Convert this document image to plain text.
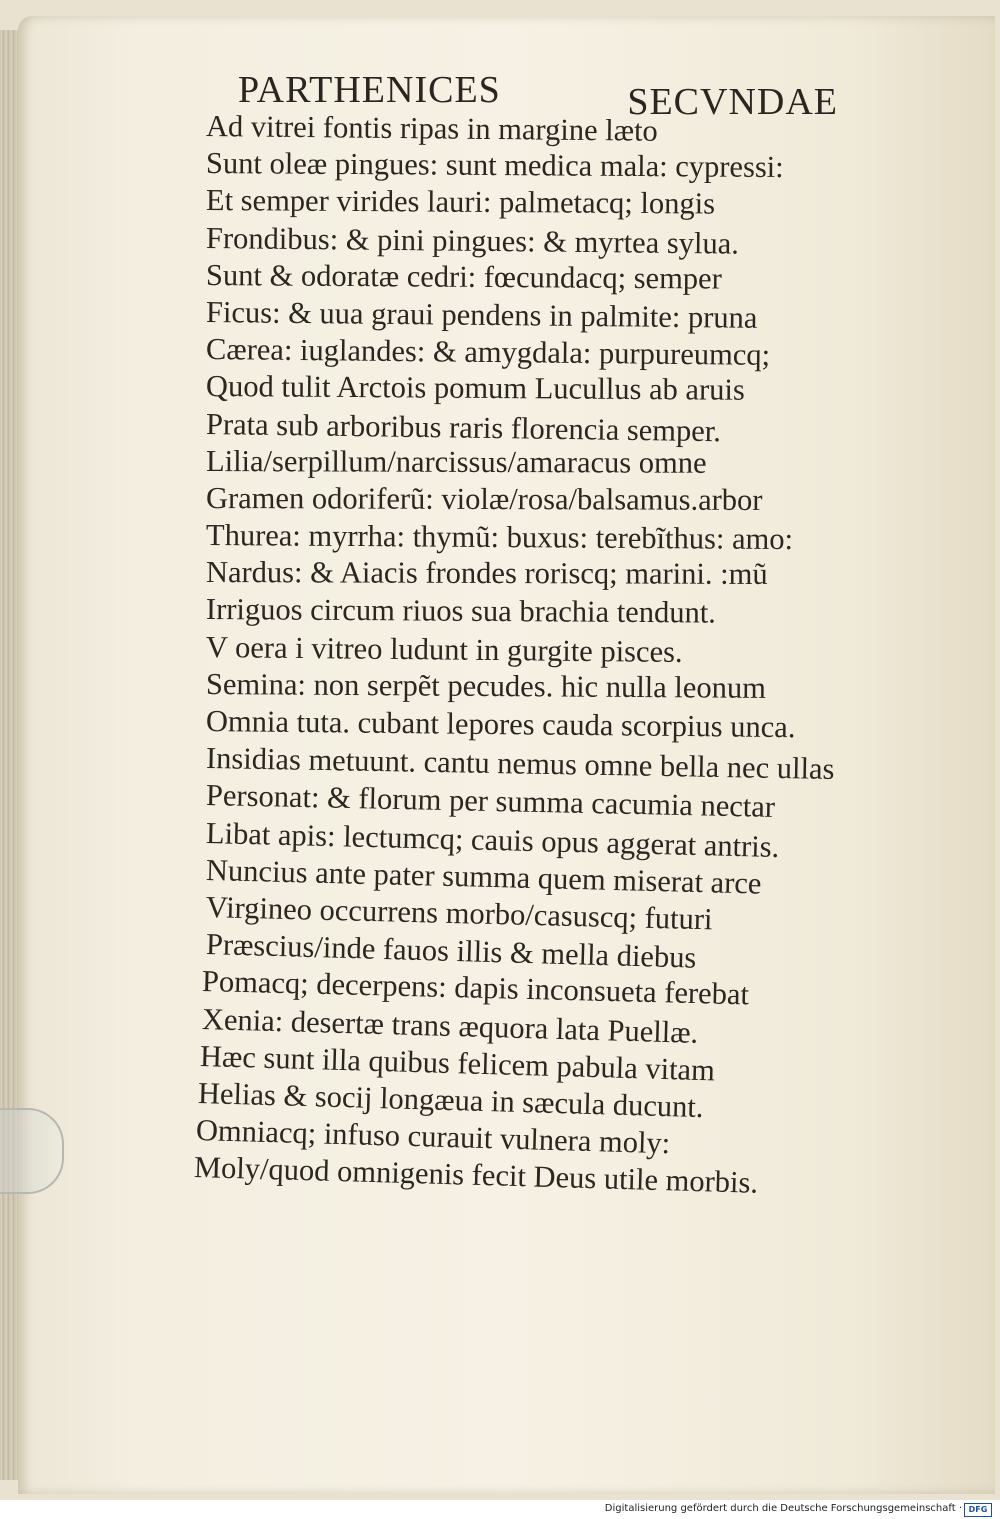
PARTHENICES	SECVNDAE
Ad vitrei fontis ripas in margine læto
Sunt oleæ pingues: sunt medica mala: cypressi:
Et semper virides lauri: palmetacq; longis
Frondibus: & pini pingues: & myrtea sylua.
Sunt & odoratæ cedri: fœcundacq; semper
Ficus: & uua graui pendens in palmite: pruna
Cærea: iuglandes: & amygdala: purpureumcq;
Quod tulit Arctois pomum Lucullus ab aruis
Prata sub arboribus raris florencia semper.
Lilia/serpillum/narcissus/amaracus omne
Gramen odoriferũ: violæ/rosa/balsamus.arbor
Thurea: myrrha: thymũ: buxus: terebĩthus: amo:
Nardus: & Aiacis frondes roriscq; marini. :mũ
Irriguos circum riuos sua brachia tendunt.
V oera i vitreo ludunt in gurgite pisces.
Semina: non serpẽt pecudes. hic nulla leonum
Omnia tuta. cubant lepores cauda scorpius unca.
Insidias metuunt. cantu nemus omne bella nec ullas
Personat: & florum per summa cacumia nectar
Libat apis: lectumcq; cauis opus aggerat antris.
Nuncius ante pater summa quem miserat arce
Virgineo occurrens morbo/casuscq; futuri
Præscius/inde fauos illis & mella diebus
Pomacq; decerpens: dapis inconsueta ferebat
Xenia: desertæ trans æquora lata Puellæ.
Hæc sunt illa quibus felicem pabula vitam
Helias & socij longæua in sæcula ducunt.
Omniacq; infuso curauit vulnera moly:
Moly/quod omnigenis fecit Deus utile morbis.
Digitalisierung gefördert durch die Deutsche Forschungsgemeinschaft · DFG
